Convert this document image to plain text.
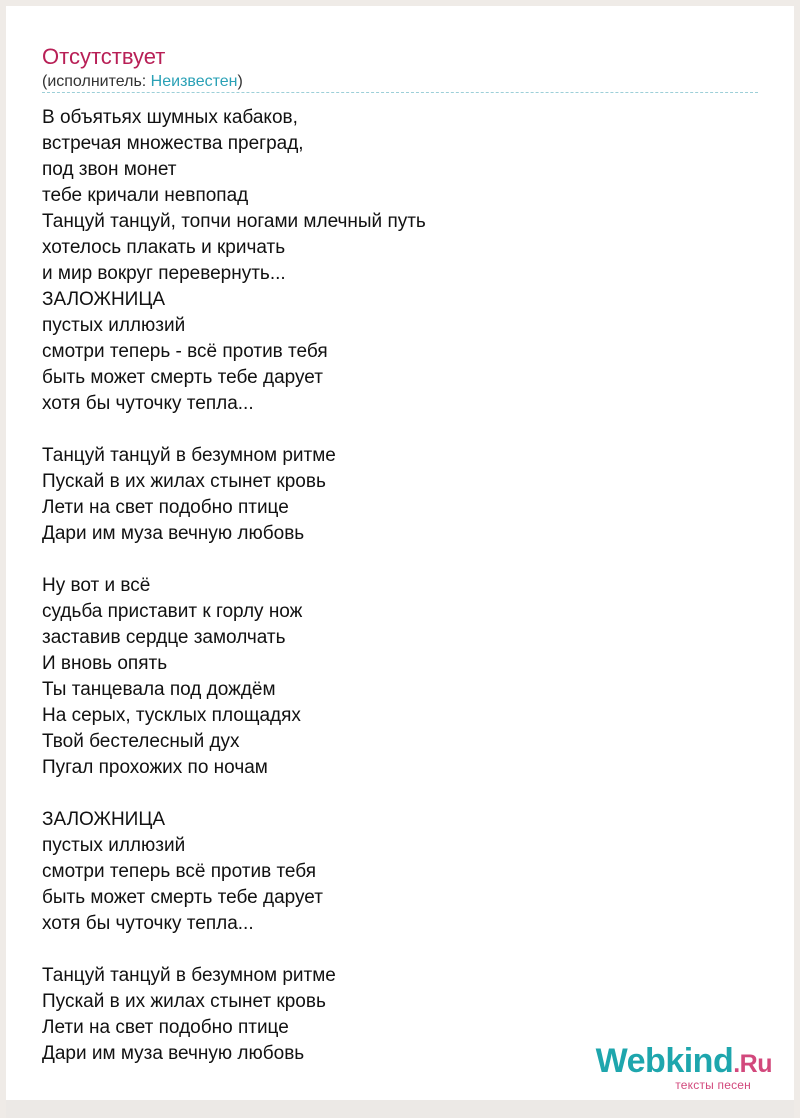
Отсутствует
(исполнитель: Неизвестен)
В объятьях шумных кабаков,
встречая множества преград,
под звон монет
тебе кричали невпопад
Танцуй танцуй, топчи ногами млечный путь
хотелось плакать и кричать
и мир вокруг перевернуть...
ЗАЛОЖНИЦА
пустых иллюзий
смотри теперь - всё против тебя
быть может смерть тебе дарует
хотя бы чуточку тепла...
Танцуй танцуй в безумном ритме
Пускай в их жилах стынет кровь
Лети на свет подобно птице
Дари им муза вечную любовь
Ну вот и всё
судьба приставит к горлу нож
заставив сердце замолчать
И вновь опять
Ты танцевала под дождём
На серых, тусклых площадях
Твой бестелесный дух
Пугал прохожих по ночам
ЗАЛОЖНИЦА
пустых иллюзий
смотри теперь всё против тебя
быть может смерть тебе дарует
хотя бы чуточку тепла...
Танцуй танцуй в безумном ритме
Пускай в их жилах стынет кровь
Лети на свет подобно птице
Дари им муза вечную любовь	Webkind.Ru
тексты песен
